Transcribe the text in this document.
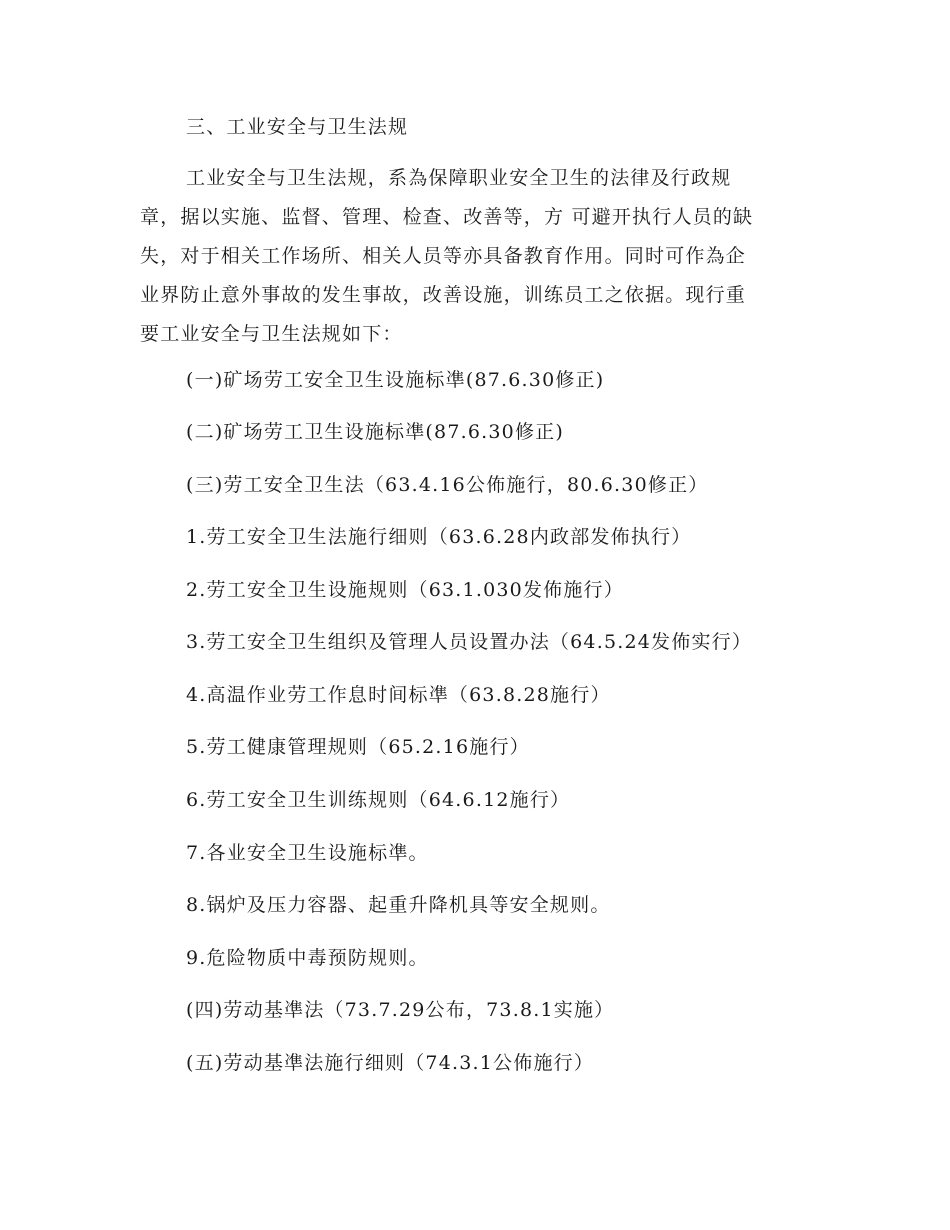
三、工业安全与卫生法规
工业安全与卫生法规，系為保障职业安全卫生的法律及行政规
章，据以实施、监督、管理、检查、改善等，方 可避开执行人员的缺
失，对于相关工作场所、相关人员等亦具备教育作用。同时可作為企
业界防止意外事故的发生事故，改善设施，训练员工之依据。现行重
要工业安全与卫生法规如下：
(一)矿场劳工安全卫生设施标凖(87.6.30修正)
(二)矿场劳工卫生设施标凖(87.6.30修正)
(三)劳工安全卫生法（63.4.16公佈施行，80.6.30修正）
1.劳工安全卫生法施行细则（63.6.28内政部发佈执行）
2.劳工安全卫生设施规则（63.1.030发佈施行）
3.劳工安全卫生组织及管理人员设置办法（64.5.24发佈实行）
4.高温作业劳工作息时间标凖（63.8.28施行）
5.劳工健康管理规则（65.2.16施行）
6.劳工安全卫生训练规则（64.6.12施行）
7.各业安全卫生设施标凖。
8.锅炉及压力容器、起重升降机具等安全规则。
9.危险物质中毒预防规则。
(四)劳动基凖法（73.7.29公布，73.8.1实施）
(五)劳动基凖法施行细则（74.3.1公佈施行）
